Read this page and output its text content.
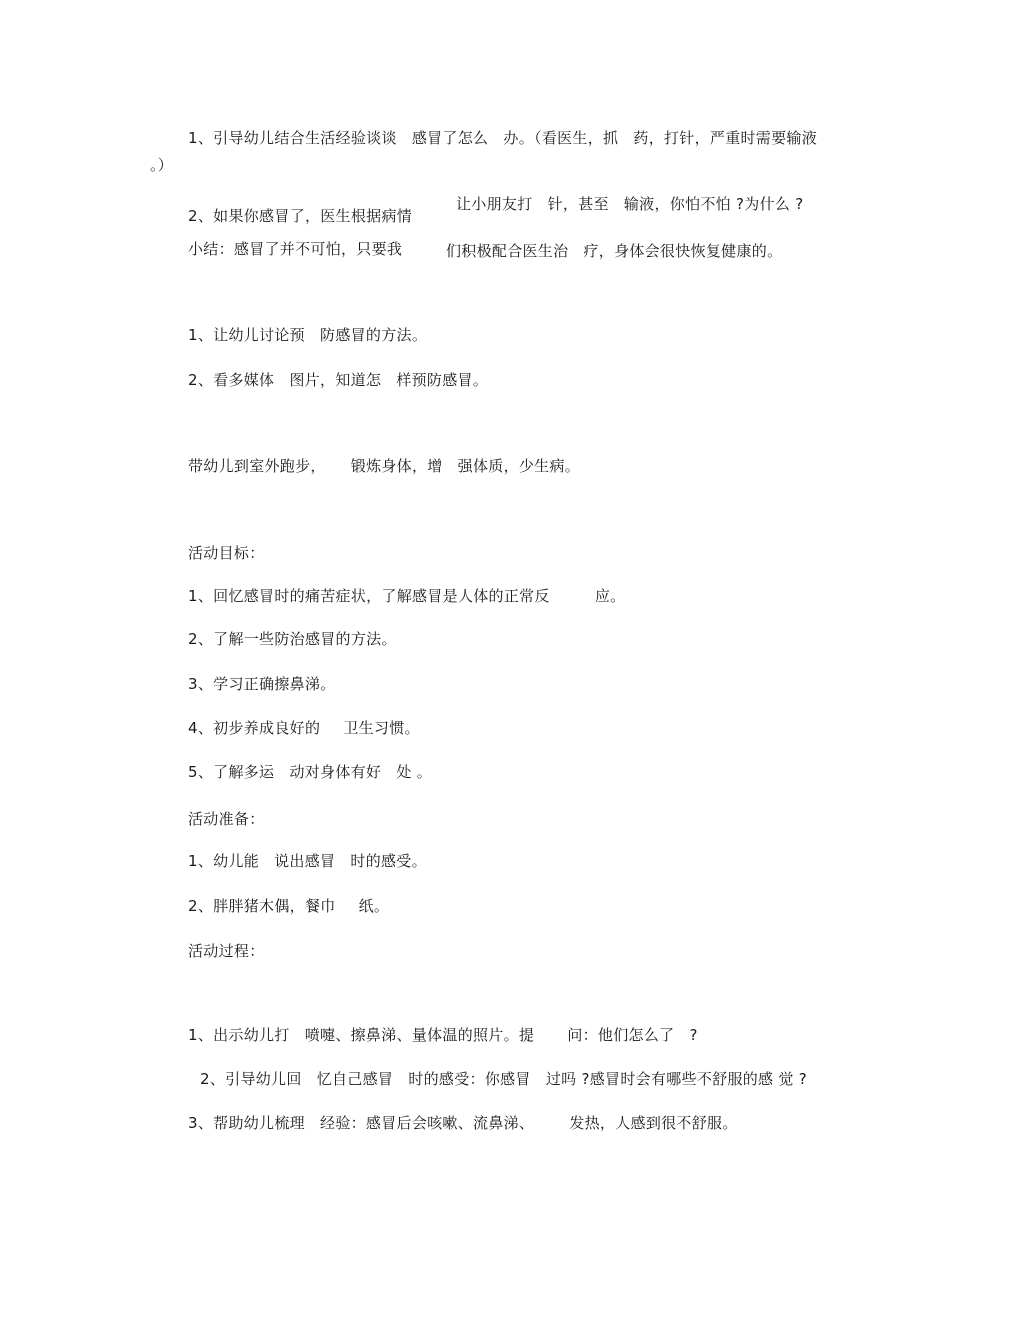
1、引导幼儿结合生活经验谈谈 感冒了怎么 办。（看医生，抓 药，打针，严重时需要输液
。）
2、如果你感冒了，医生根据病情
让小朋友打 针，甚至 输液，你怕不怕 ?为什么 ?
小结：感冒了并不可怕，只要我	们积极配合医生治 疗，身体会很快恢复健康的。
1、让幼儿讨论预 防感冒的方法。
2、看多媒体 图片，知道怎 样预防感冒。
带幼儿到室外跑步， 锻炼身体，增 强体质，少生病。
活动目标：
1、回忆感冒时的痛苦症状，了解感冒是人体的正常反	应。
2、了解一些防治感冒的方法。
3、学习正确擦鼻涕。
4、初步养成良好的 卫生习惯。
5、了解多运 动对身体有好 处 。
活动准备：
1、幼儿能 说出感冒 时的感受。
2、胖胖猪木偶，餐巾 纸。
活动过程：
1、出示幼儿打 喷嚏、擦鼻涕、量体温的照片。提 问：他们怎么了 ?
2、引导幼儿回 忆自己感冒 时的感受：你感冒 过吗 ?感冒时会有哪些不舒服的感 觉 ?
3、帮助幼儿梳理 经验：感冒后会咳嗽、流鼻涕、 发热，人感到很不舒服。
